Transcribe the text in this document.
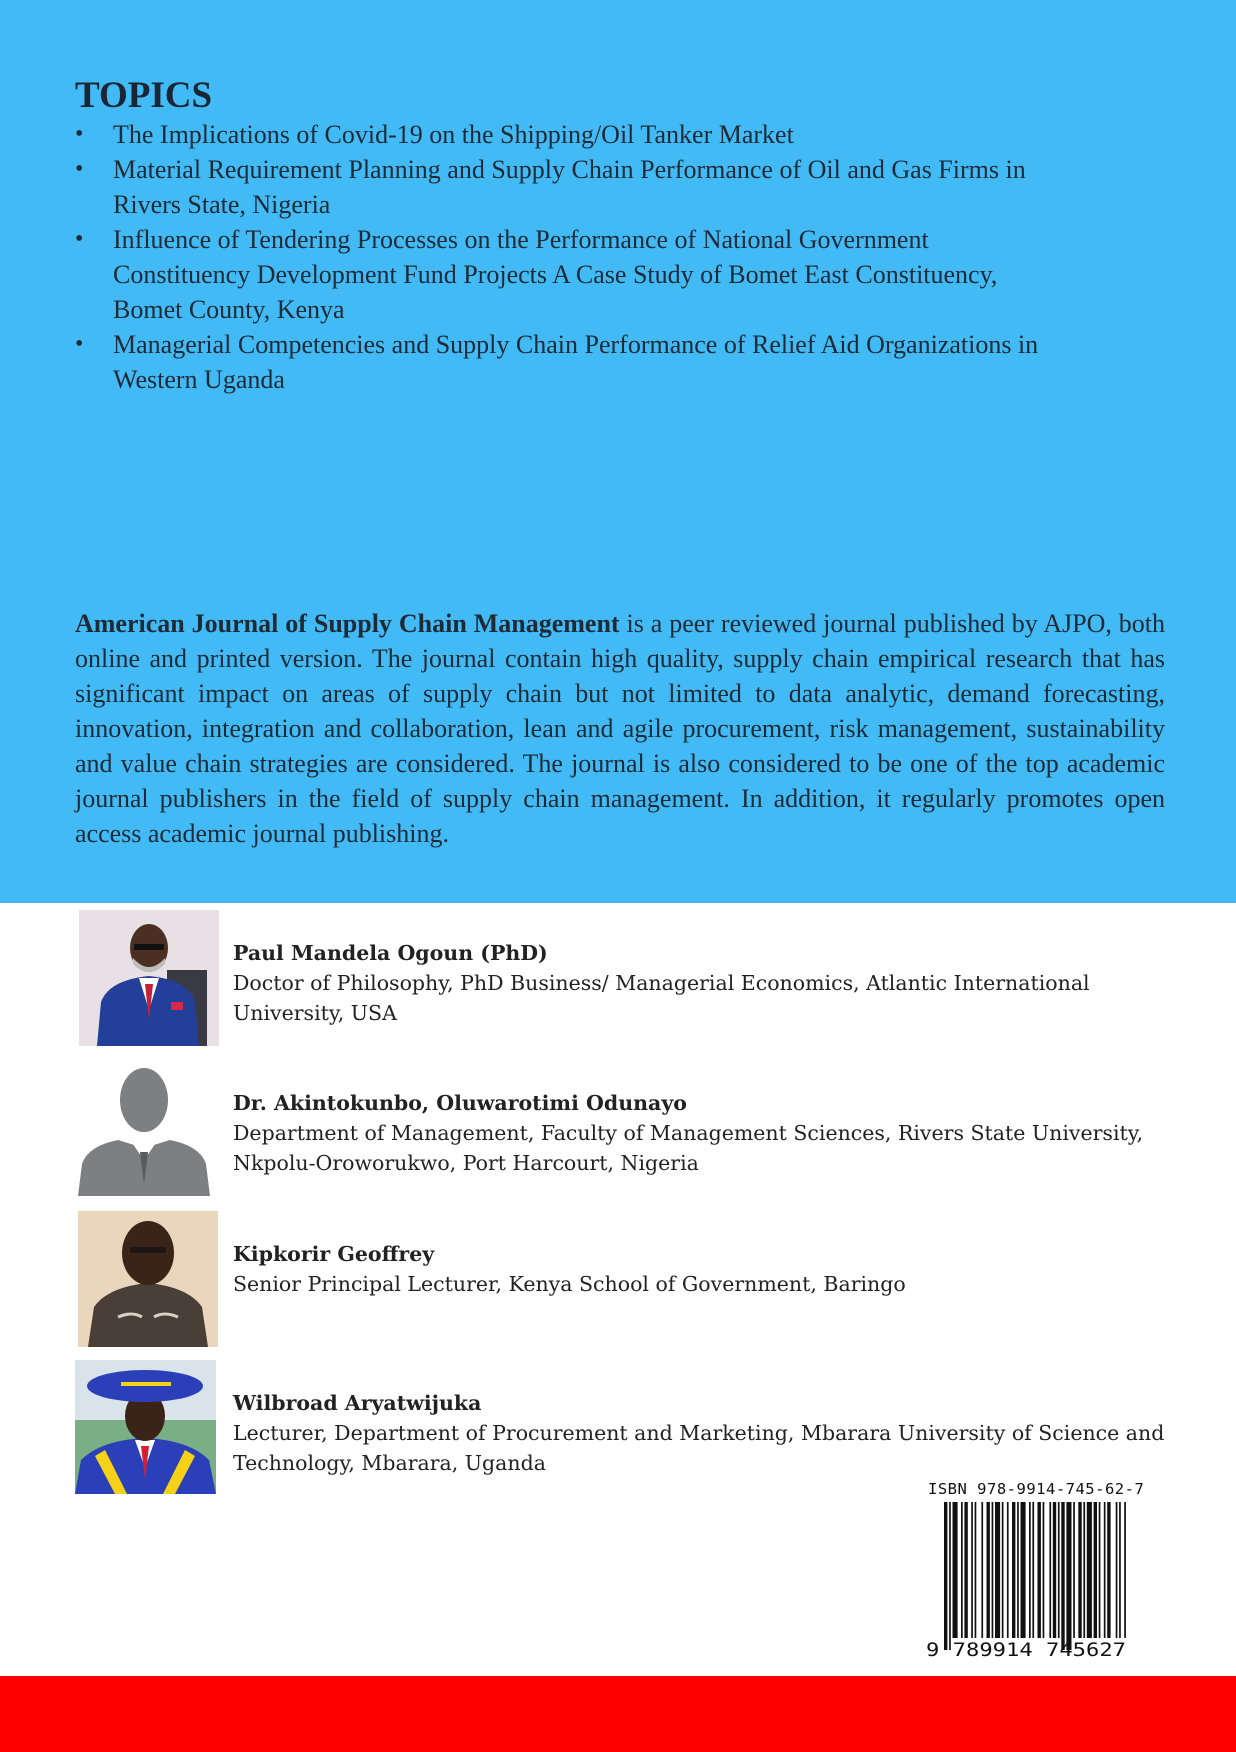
TOPICS
• The Implications of Covid-19 on the Shipping/Oil Tanker Market
• Material Requirement Planning and Supply Chain Performance of Oil and Gas Firms in
Rivers State, Nigeria
• Influence of Tendering Processes on the Performance of National Government
Constituency Development Fund Projects A Case Study of Bomet East Constituency,
Bomet County, Kenya
• Managerial Competencies and Supply Chain Performance of Relief Aid Organizations in
Western Uganda

American Journal of Supply Chain Management is a peer reviewed journal published by AJPO, both online and printed version. The journal contain high quality, supply chain empirical research that has significant impact on areas of supply chain but not limited to data analytic, demand forecasting, innovation, integration and collaboration, lean and agile procurement, risk management, sustainability and value chain strategies are considered. The journal is also considered to be one of the top academic journal publishers in the field of supply chain management. In addition, it regularly promotes open access academic journal publishing.

Paul Mandela Ogoun (PhD)
Doctor of Philosophy, PhD Business/ Managerial Economics, Atlantic International
University, USA
Dr. Akintokunbo, Oluwarotimi Odunayo
Department of Management, Faculty of Management Sciences, Rivers State University,
Nkpolu-Oroworukwo, Port Harcourt, Nigeria
Kipkorir Geoffrey
Senior Principal Lecturer, Kenya School of Government, Baringo
Wilbroad Aryatwijuka
Lecturer, Department of Procurement and Marketing, Mbarara University of Science and
Technology, Mbarara, Uganda
ISBN 978-9914-745-62-7
9 789914 745627
